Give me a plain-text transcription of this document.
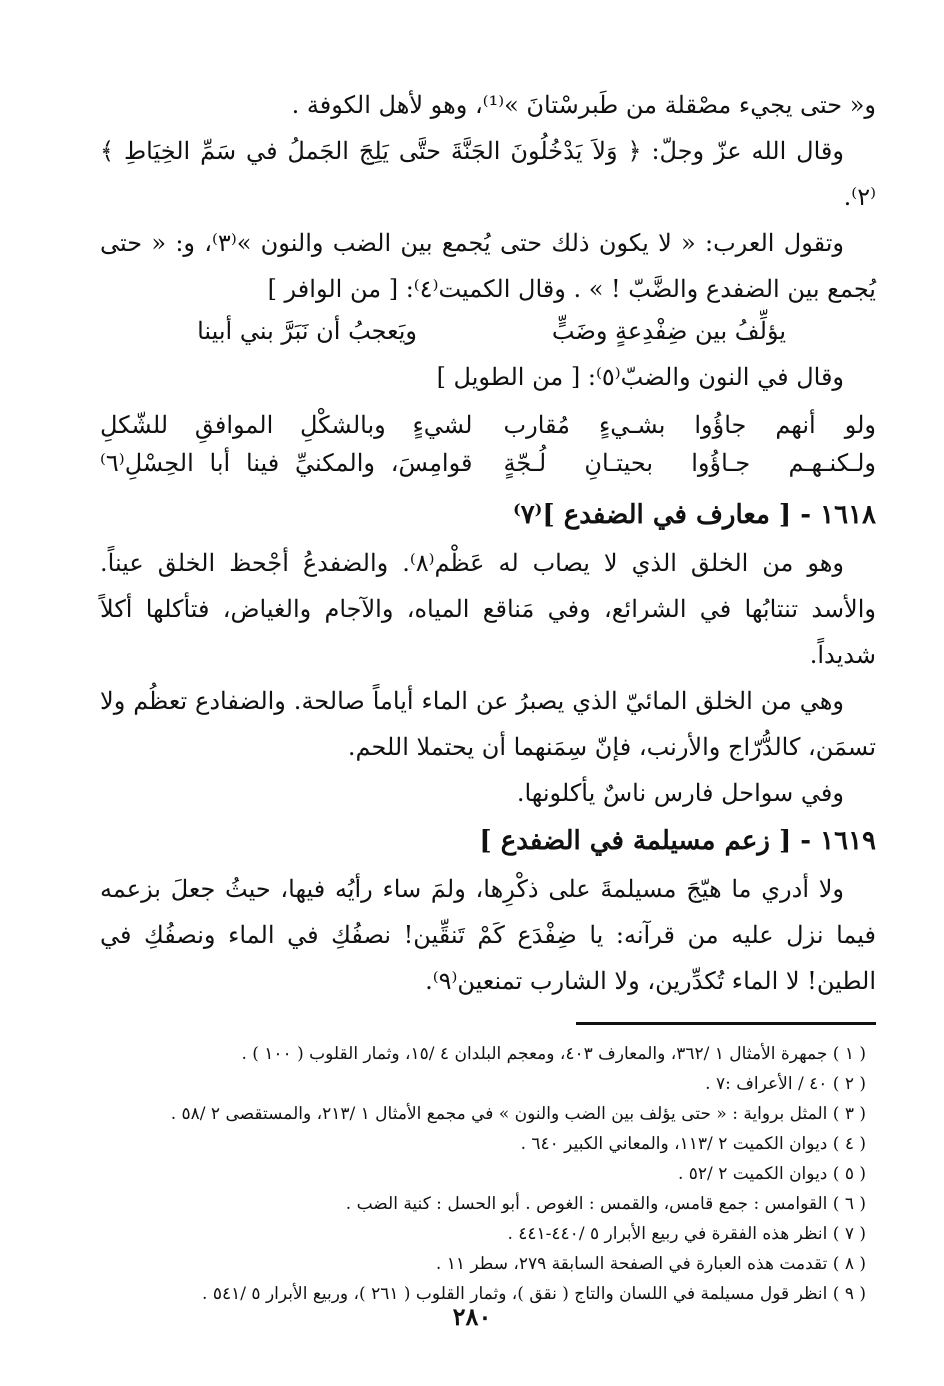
و« حتى يجيء مصْقلة من طَبرسْتانَ »⁽¹⁾، وهو لأهل الكوفة .

وقال الله عزّ وجلّ: ﴿ وَلاَ يَدْخُلُونَ الجَنَّةَ حتَّى يَلِجَ الجَملُ في سَمِّ الخِيَاطِ ﴾⁽٢⁾.

وتقول العرب: « لا يكون ذلك حتى يُجمع بين الضب والنون »⁽٣⁾، و: « حتى يُجمع بين الضفدع والضَّبّ ! » . وقال الكميت⁽٤⁾: [ من الوافر ]

يؤلِّفُ بين ضِفْدِعةٍ وضَبٍّ
ويَعجبُ أن نَبَرَّ بني أبينا

وقال في النون والضبّ⁽٥⁾: [ من الطويل ]

ولو أنهم جاؤُوا بشـيءٍ مُقارب
لشيءٍ وبالشكْلِ الموافقِ للشّكلِ
ولـكنـهـم جـاؤُوا بحيتـانِ لُـجّةٍ
قوامِسَ، والمكنيِّ فينا أبا الحِسْلِ⁽٦⁾

١٦١٨ - [ معارف في الضفدع ]⁽٧⁾

وهو من الخلق الذي لا يصاب له عَظْم⁽٨⁾. والضفدعُ أجْحظ الخلق عيناً. والأسد تنتابُها في الشرائع، وفي مَناقع المياه، والآجام والغياض، فتأكلها أكلاً شديداً.

وهي من الخلق المائيّ الذي يصبرُ عن الماء أياماً صالحة. والضفادع تعظُم ولا تسمَن، كالدُّرّاج والأرنب، فإنّ سِمَنهما أن يحتملا اللحم.

وفي سواحل فارس ناسٌ يأكلونها.

١٦١٩ - [ زعم مسيلمة في الضفدع ]

ولا أدري ما هيّجَ مسيلمةَ على ذكْرِها، ولمَ ساء رأيُه فيها، حيثُ جعلَ بزعمه فيما نزل عليه من قرآنه: يا ضِفْدَع كَمْ تَنقِّين! نصفُكِ في الماء ونصفُكِ في الطين! لا الماء تُكدِّرين، ولا الشارب تمنعين⁽٩⁾.

( ١ ) جمهرة الأمثال ١ /٣٦٢، والمعارف ٤٠٣، ومعجم البلدان ٤ /١٥، وثمار القلوب ( ١٠٠ ) .

( ٢ ) ٤٠ / الأعراف :٧ .

( ٣ ) المثل برواية : « حتى يؤلف بين الضب والنون » في مجمع الأمثال ١ /٢١٣، والمستقصى ٢ /٥٨ .

( ٤ ) ديوان الكميت ٢ /١١٣، والمعاني الكبير ٦٤٠ .

( ٥ ) ديوان الكميت ٢ /٥٢ .

( ٦ ) القوامس : جمع قامس، والقمس : الغوص . أبو الحسل : كنية الضب .

( ٧ ) انظر هذه الفقرة في ربيع الأبرار ٥ /٤٤٠-٤٤١ .

( ٨ ) تقدمت هذه العبارة في الصفحة السابقة ٢٧٩، سطر ١١ .

( ٩ ) انظر قول مسيلمة في اللسان والتاج ( نقق )، وثمار القلوب ( ٢٦١ )، وربيع الأبرار ٥ /٥٤١ .

٢٨٠
